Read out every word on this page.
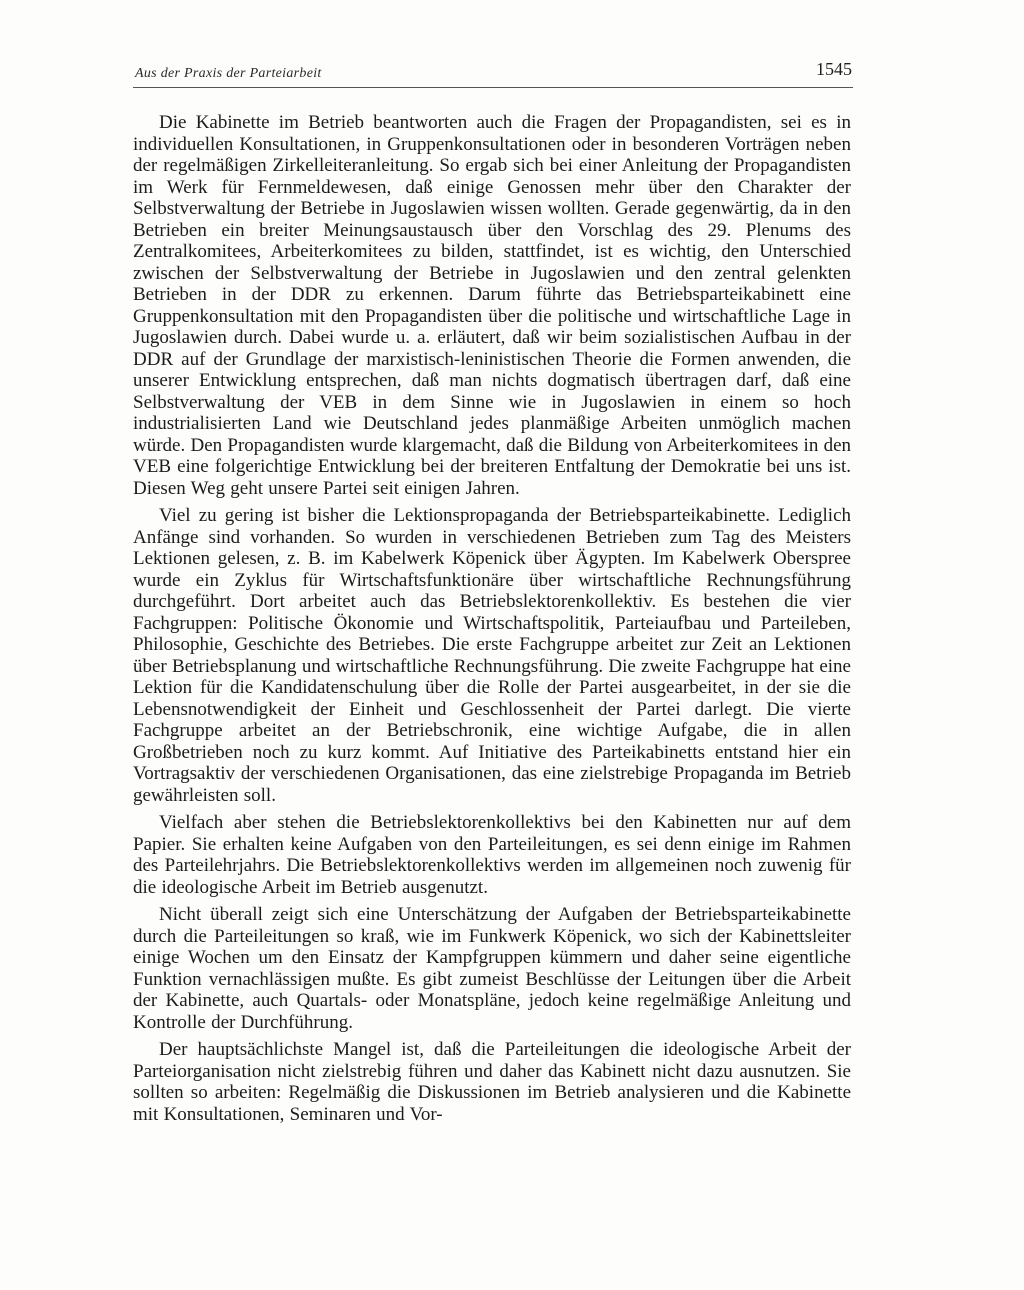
Aus der Praxis der Parteiarbeit	1545

Die Kabinette im Betrieb beantworten auch die Fragen der Propagandisten, sei es in individuellen Konsultationen, in Gruppenkonsultationen oder in besonderen Vorträgen neben der regelmäßigen Zirkelleiteranleitung. So ergab sich bei einer Anleitung der Propagandisten im Werk für Fernmeldewesen, daß einige Genossen mehr über den Charakter der Selbstverwaltung der Betriebe in Jugoslawien wissen wollten. Gerade gegenwärtig, da in den Betrieben ein breiter Meinungsaustausch über den Vorschlag des 29. Plenums des Zentralkomitees, Arbeiterkomitees zu bilden, stattfindet, ist es wichtig, den Unterschied zwischen der Selbstverwaltung der Betriebe in Jugoslawien und den zentral gelenkten Betrieben in der DDR zu erkennen. Darum führte das Betriebsparteikabinett eine Gruppenkonsultation mit den Propagandisten über die politische und wirtschaftliche Lage in Jugoslawien durch. Dabei wurde u. a. erläutert, daß wir beim sozialistischen Aufbau in der DDR auf der Grundlage der marxistisch-leninistischen Theorie die Formen anwenden, die unserer Entwicklung entsprechen, daß man nichts dogmatisch übertragen darf, daß eine Selbstverwaltung der VEB in dem Sinne wie in Jugoslawien in einem so hoch industrialisierten Land wie Deutschland jedes planmäßige Arbeiten unmöglich machen würde. Den Propagandisten wurde klargemacht, daß die Bildung von Arbeiterkomitees in den VEB eine folgerichtige Entwicklung bei der breiteren Entfaltung der Demokratie bei uns ist. Diesen Weg geht unsere Partei seit einigen Jahren.

Viel zu gering ist bisher die Lektionspropaganda der Betriebsparteikabinette. Lediglich Anfänge sind vorhanden. So wurden in verschiedenen Betrieben zum Tag des Meisters Lektionen gelesen, z. B. im Kabelwerk Köpenick über Ägypten. Im Kabelwerk Oberspree wurde ein Zyklus für Wirtschaftsfunktionäre über wirtschaftliche Rechnungsführung durchgeführt. Dort arbeitet auch das Betriebslektorenkollektiv. Es bestehen die vier Fachgruppen: Politische Ökonomie und Wirtschaftspolitik, Parteiaufbau und Parteileben, Philosophie, Geschichte des Betriebes. Die erste Fachgruppe arbeitet zur Zeit an Lektionen über Betriebsplanung und wirtschaftliche Rechnungsführung. Die zweite Fachgruppe hat eine Lektion für die Kandidatenschulung über die Rolle der Partei ausgearbeitet, in der sie die Lebensnotwendigkeit der Einheit und Geschlossenheit der Partei darlegt. Die vierte Fachgruppe arbeitet an der Betriebschronik, eine wichtige Aufgabe, die in allen Großbetrieben noch zu kurz kommt. Auf Initiative des Parteikabinetts entstand hier ein Vortragsaktiv der verschiedenen Organisationen, das eine zielstrebige Propaganda im Betrieb gewährleisten soll.

Vielfach aber stehen die Betriebslektorenkollektivs bei den Kabinetten nur auf dem Papier. Sie erhalten keine Aufgaben von den Parteileitungen, es sei denn einige im Rahmen des Parteilehrjahrs. Die Betriebslektorenkollektivs werden im allgemeinen noch zuwenig für die ideologische Arbeit im Betrieb ausgenutzt.

Nicht überall zeigt sich eine Unterschätzung der Aufgaben der Betriebsparteikabinette durch die Parteileitungen so kraß, wie im Funkwerk Köpenick, wo sich der Kabinettsleiter einige Wochen um den Einsatz der Kampfgruppen kümmern und daher seine eigentliche Funktion vernachlässigen mußte. Es gibt zumeist Beschlüsse der Leitungen über die Arbeit der Kabinette, auch Quartals- oder Monatspläne, jedoch keine regelmäßige Anleitung und Kontrolle der Durchführung.

Der hauptsächlichste Mangel ist, daß die Parteileitungen die ideologische Arbeit der Parteiorganisation nicht zielstrebig führen und daher das Kabinett nicht dazu ausnutzen. Sie sollten so arbeiten: Regelmäßig die Diskussionen im Betrieb analysieren und die Kabinette mit Konsultationen, Seminaren und Vor-
